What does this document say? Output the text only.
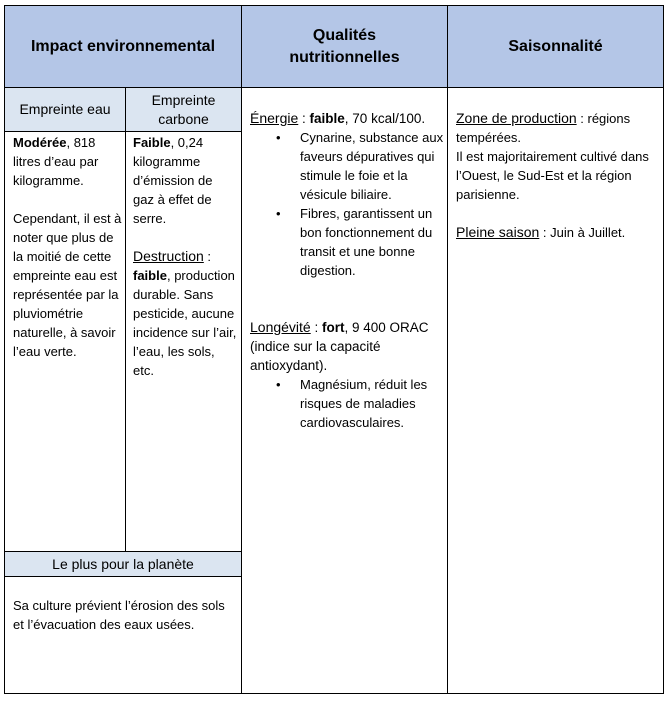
Impact environnemental
Qualités nutritionnelles
Saisonnalité
Empreinte eau
Empreinte carbone

Modérée, 818 litres d’eau par kilogramme.

Cependant, il est à noter que plus de la moitié de cette empreinte eau est représentée par la pluviométrie naturelle, à savoir l’eau verte.

Faible, 0,24 kilogramme d’émission de gaz à effet de serre.

Destruction :
faible, production durable. Sans pesticide, aucune incidence sur l’air, l’eau, les sols, etc.

Le plus pour la planète
Sa culture prévient l’érosion des sols et l’évacuation des eaux usées.

Énergie : faible, 70 kcal/100.

• Cynarine, substance aux faveurs dépuratives qui stimule le foie et la vésicule biliaire.
• Fibres, garantissent un bon fonctionnement du transit et une bonne digestion.

Longévité : fort, 9 400 ORAC (indice sur la capacité antioxydant).

• Magnésium, réduit les risques de maladies cardiovasculaires.

Zone de production : régions tempérées.

Il est majoritairement cultivé dans l’Ouest, le Sud-Est et la région parisienne.

Pleine saison : Juin à Juillet.
